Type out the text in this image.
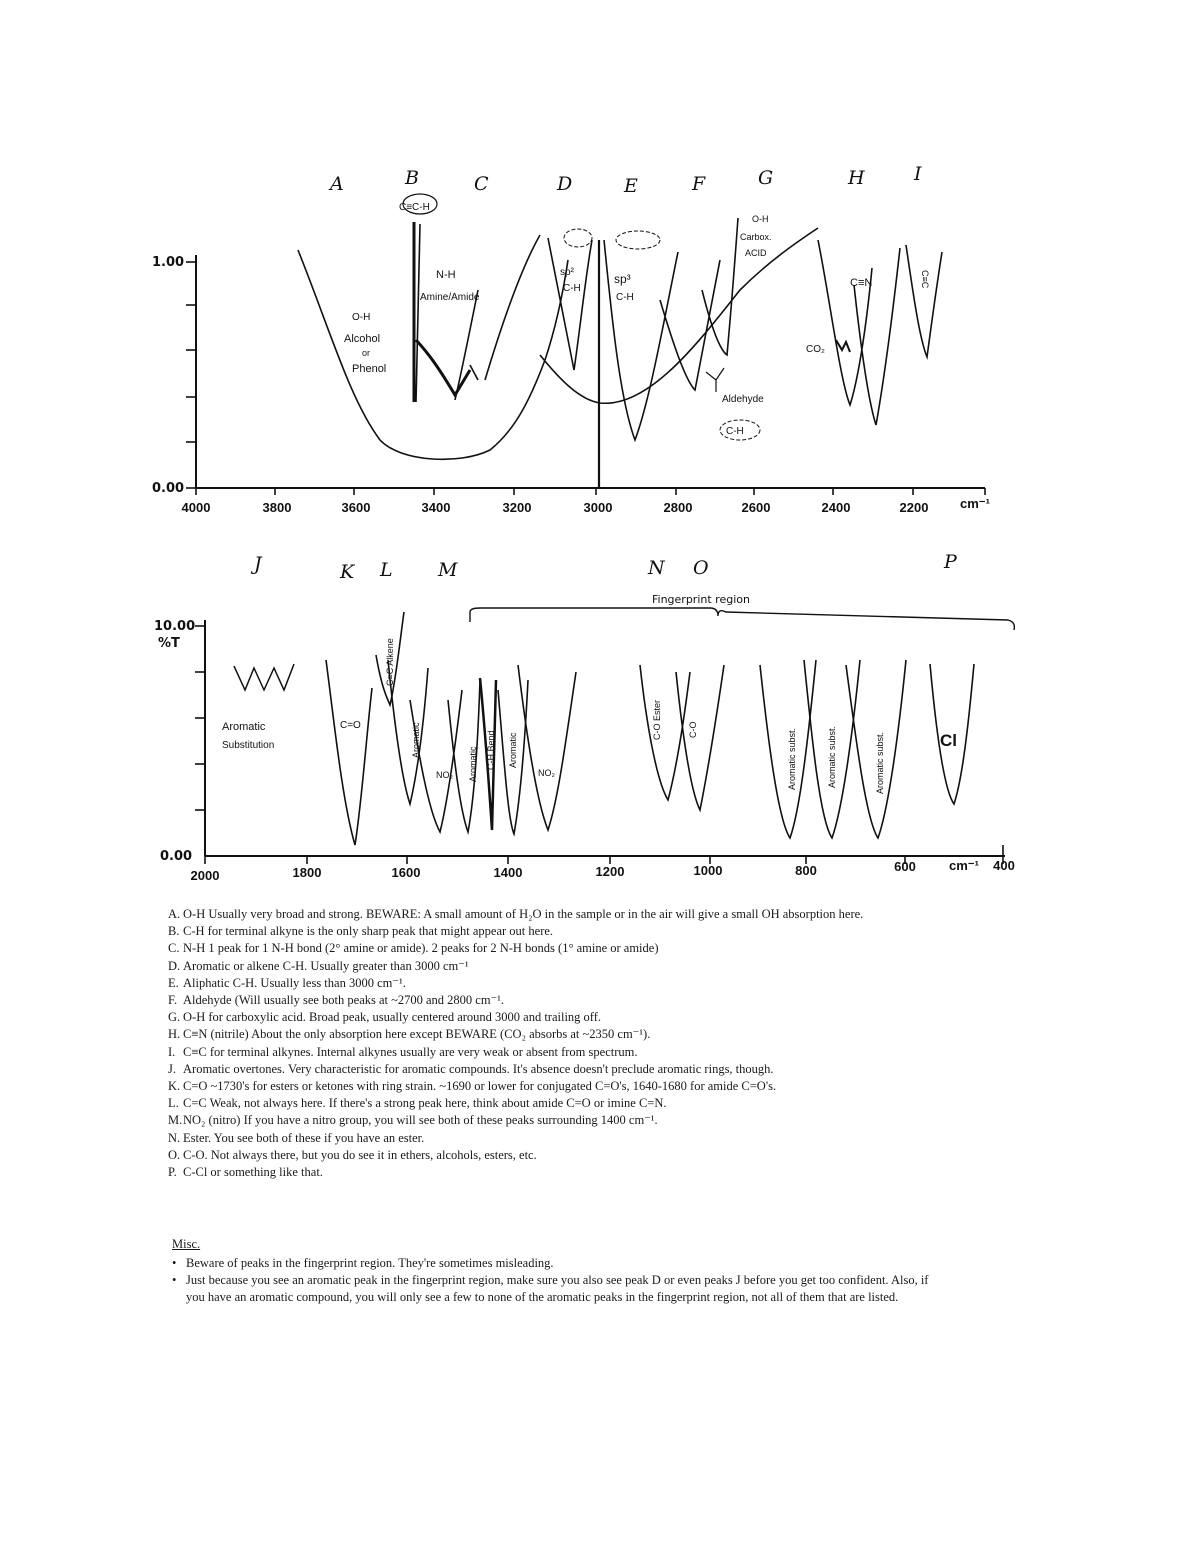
A	B	C	D	E	F	G	H	I
1.00
0.00
4000	3800	3600	3400	3200	3000	2800	2600	2400	2200 cm⁻¹
C≡C-H
O-H
Alcohol
or
Phenol
N-H
Amine/Amide
sp²
C-H
sp³
C-H
O-H
Carbox.
ACID
Aldehyde
C-H
C≡N
CO₂
C≡C
J	K L M	N O	P
Fingerprint region
10.00
%T
0.00
2000	1800	1600	1400	1200	1000	800	600	cm⁻¹ 400
Aromatic
Substitution
C=O
C=C Alkene
Aromatic
NO₂ Aromatic C-H Bend Aromatic
NO₂
C-O Ester	C-O	Aromatic subst.	Aromatic subst.	Aromatic subst.	Cl
A. O-H Usually very broad and strong. BEWARE: A small amount of H₂O in the sample or in the air will give a small OH absorption here.
B. C-H for terminal alkyne is the only sharp peak that might appear out here.
C. N-H 1 peak for 1 N-H bond (2° amine or amide). 2 peaks for 2 N-H bonds (1° amine or amide)
D. Aromatic or alkene C-H. Usually greater than 3000 cm⁻¹
E. Aliphatic C-H. Usually less than 3000 cm⁻¹.
F. Aldehyde (Will usually see both peaks at ~2700 and 2800 cm⁻¹.
G. O-H for carboxylic acid. Broad peak, usually centered around 3000 and trailing off.
H. C≡N (nitrile) About the only absorption here except BEWARE (CO₂ absorbs at ~2350 cm⁻¹).
I. C≡C for terminal alkynes. Internal alkynes usually are very weak or absent from spectrum.
J. Aromatic overtones. Very characteristic for aromatic compounds. It's absence doesn't preclude aromatic rings, though.
K. C=O ~1730's for esters or ketones with ring strain. ~1690 or lower for conjugated C=O's, 1640-1680 for amide C=O's.
L. C=C Weak, not always here. If there's a strong peak here, think about amide C=O or imine C=N.
M. NO₂ (nitro) If you have a nitro group, you will see both of these peaks surrounding 1400 cm⁻¹.
N. Ester. You see both of these if you have an ester.
O. C-O. Not always there, but you do see it in ethers, alcohols, esters, etc.
P. C-Cl or something like that.
Misc.
• Beware of peaks in the fingerprint region. They're sometimes misleading.
• Just because you see an aromatic peak in the fingerprint region, make sure you also see peak D or even peaks J before you get too confident. Also, if you have an aromatic compound, you will only see a few to none of the aromatic peaks in the fingerprint region, not all of them that are listed.
